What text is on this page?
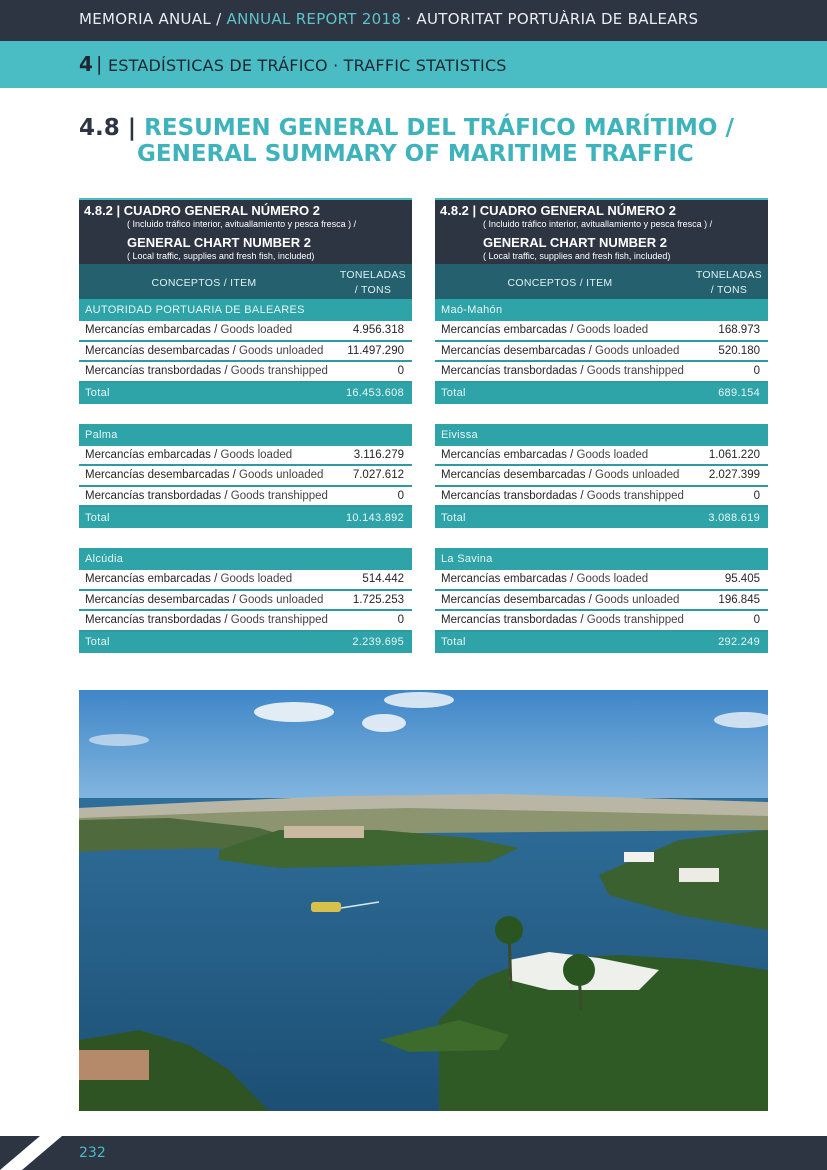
MEMORIA ANUAL / ANNUAL REPORT 2018 · AUTORITAT PORTUÀRIA DE BALEARS
4 | ESTADÍSTICAS DE TRÁFICO · TRAFFIC STATISTICS
4.8 | RESUMEN GENERAL DEL TRÁFICO MARÍTIMO /
GENERAL SUMMARY OF MARITIME TRAFFIC
4.8.2 | CUADRO GENERAL NÚMERO 2
( Incluido tráfico interior, avituallamiento y pesca fresca ) /
GENERAL CHART NUMBER 2
( Local traffic, supplies and fresh fish, included)
CONCEPTOS / ITEM
TONELADAS
/ TONS
AUTORIDAD PORTUARIA DE BALEARES
Mercancías embarcadas / Goods loaded	4.956.318
Mercancías desembarcadas / Goods unloaded 11.497.290
Mercancías transbordadas / Goods transhipped	0
Total	16.453.608
Palma
Mercancías embarcadas / Goods loaded	3.116.279
Mercancías desembarcadas / Goods unloaded	7.027.612
Mercancías transbordadas / Goods transhipped	0
Total	10.143.892
Alcúdia
Mercancías embarcadas / Goods loaded	514.442
Mercancías desembarcadas / Goods unloaded	1.725.253
Mercancías transbordadas / Goods transhipped	0
Total	2.239.695
4.8.2 | CUADRO GENERAL NÚMERO 2
( Incluido tráfico interior, avituallamiento y pesca fresca ) /
GENERAL CHART NUMBER 2
( Local traffic, supplies and fresh fish, included)
CONCEPTOS / ITEM
TONELADAS
/ TONS
Maó-Mahón
Mercancías embarcadas / Goods loaded	168.973
Mercancías desembarcadas / Goods unloaded	520.180
Mercancías transbordadas / Goods transhipped	0
Total	689.154
Eivissa
Mercancías embarcadas / Goods loaded	1.061.220
Mercancías desembarcadas / Goods unloaded	2.027.399
Mercancías transbordadas / Goods transhipped	0
Total	3.088.619
La Savina
Mercancías embarcadas / Goods loaded	95.405
Mercancías desembarcadas / Goods unloaded	196.845
Mercancías transbordadas / Goods transhipped	0
Total	292.249
232
